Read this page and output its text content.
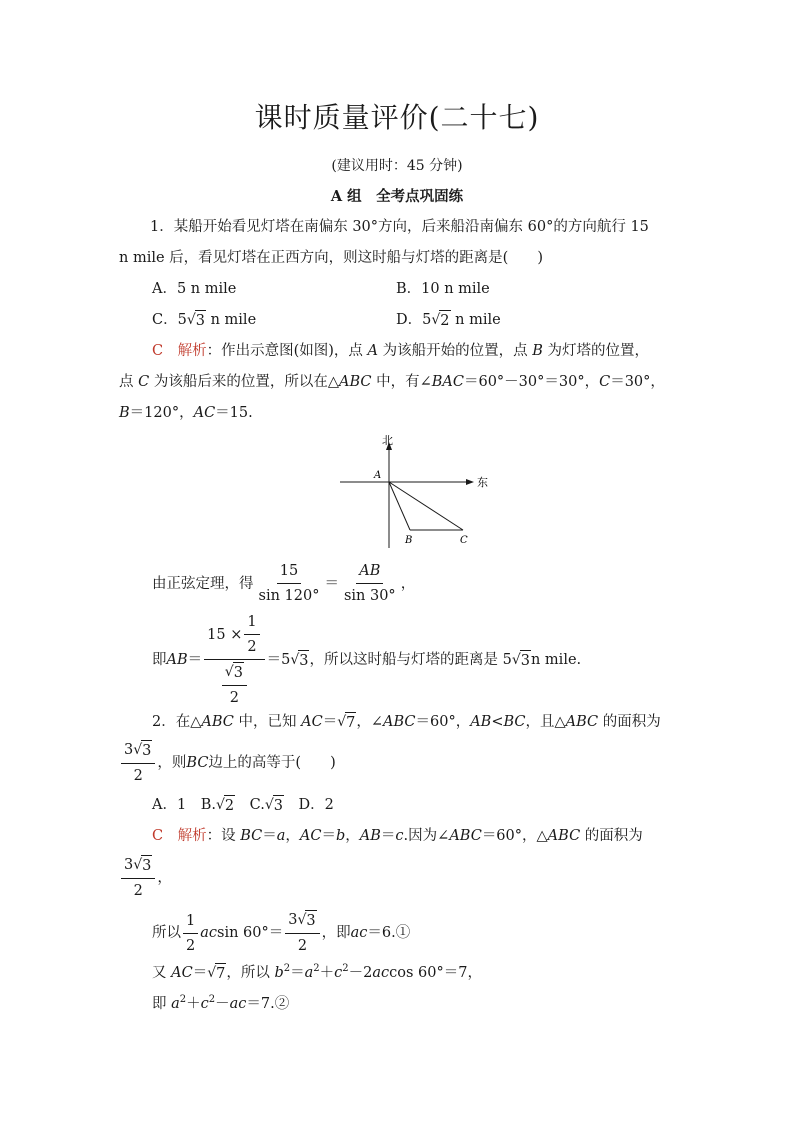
课时质量评价(二十七)
(建议用时：45 分钟)
A 组　全考点巩固练
1．某船开始看见灯塔在南偏东 30°方向，后来船沿南偏东 60°的方向航行 15
n mile 后，看见灯塔在正西方向，则这时船与灯塔的距离是(　　)
A．5 n mile	B．10 n mile
C．5 √ 3 n mile	D．5 √ 2 n mile
C　 解析：作出示意图(如图)，点 A 为该船开始的位置，点 B 为灯塔的位置，
点 C 为该船后来的位置，所以在△ABC 中，有∠BAC＝60°－30°＝30°，C＝30°，
B＝120°，AC＝15.
北
东
A
B	C
由正弦定理，得 $\frac{15}{\sin 120^\circ} = \frac{AB}{\sin 30^\circ}$ ，
即 AB ＝ $\frac{15 \times \frac{1}{2}}{\frac{√ 3}{2}} = 5$ √ 3 ，所以这时船与灯塔的距离是 5 √ 3 n mile.
2．在△ABC 中，已知 AC＝ √ 7 ，∠ABC＝60°，AB<BC，且△ABC 的面积为
$\frac{3 √ 3}{2}$ ，则 BC 边上的高等于(　　)
A．1　B. √ 2 　C. √ 3 　D．2
C　 解析：设 BC＝a，AC＝b，AB＝c.因为∠ABC＝60°，△ABC 的面积为
$\frac{3 √ 3}{2}$ ，
所以 $\frac{1}{2}$ ac $\sin 60^\circ= \frac{3 √ 3}{2}$ ，即 ac ＝6.①
又 AC＝ √ 7 ，所以 $b^2=a^2+c^2-2accos$ 60°＝7，
即 $a^2+c^2-ac=7.②$
